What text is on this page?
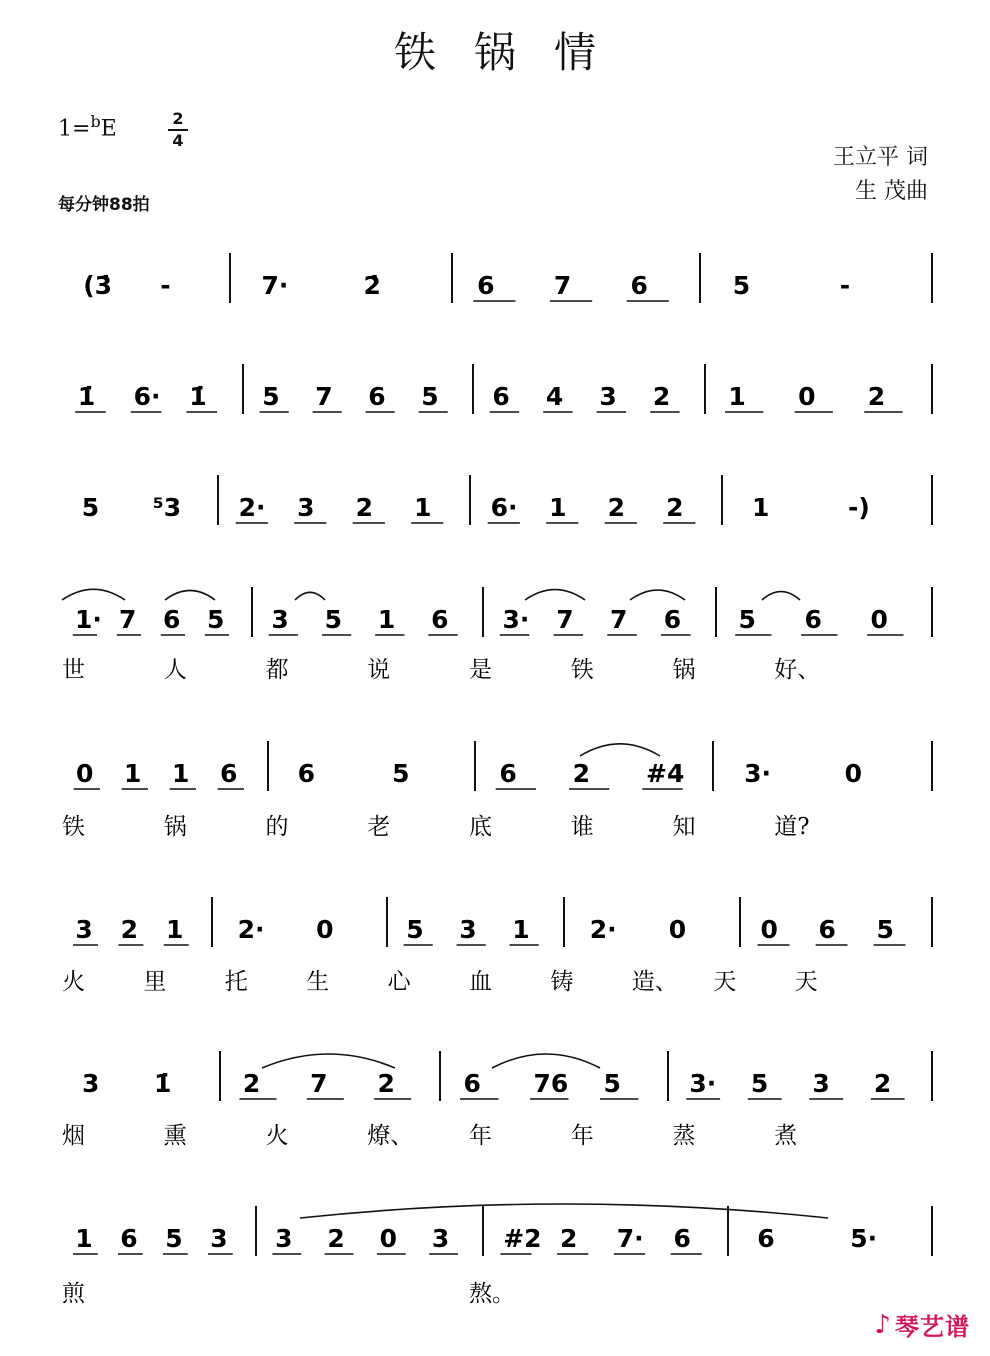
铁锅情
1=$^b$E	2
4
每分钟88拍
王立平 词
生 茂曲
(3̇ -	7·	2̇	6 7 6	5	-
1̇ 6· 1̇ 5 7 6 5 6 4 3 2 1 0 2
5 ⁵3 2· 3 2 1 6· 1 2 2	1	-)
1· 7 6 5 3 5 1 6 3· 7 7 6 5 6 0
世	人	都	说	是	铁	锅	好、
0 1 1 6 6	5	6 2 #4 3·	0
铁	锅	的	老	底	谁	知	道?
3 2 1 2· 0	5 3 1 2· 0	0 6 5
火	里	托	生	心	血	铸	造、 天	天
3 1̇	2 7 2	6 76 5	3· 5 3 2
烟	熏	火	燎、 年	年	蒸	煮
1 6 5 3 3 2 0 3 #2 2 7· 6	6	5·
煎	熬。
♪ 琴艺谱
